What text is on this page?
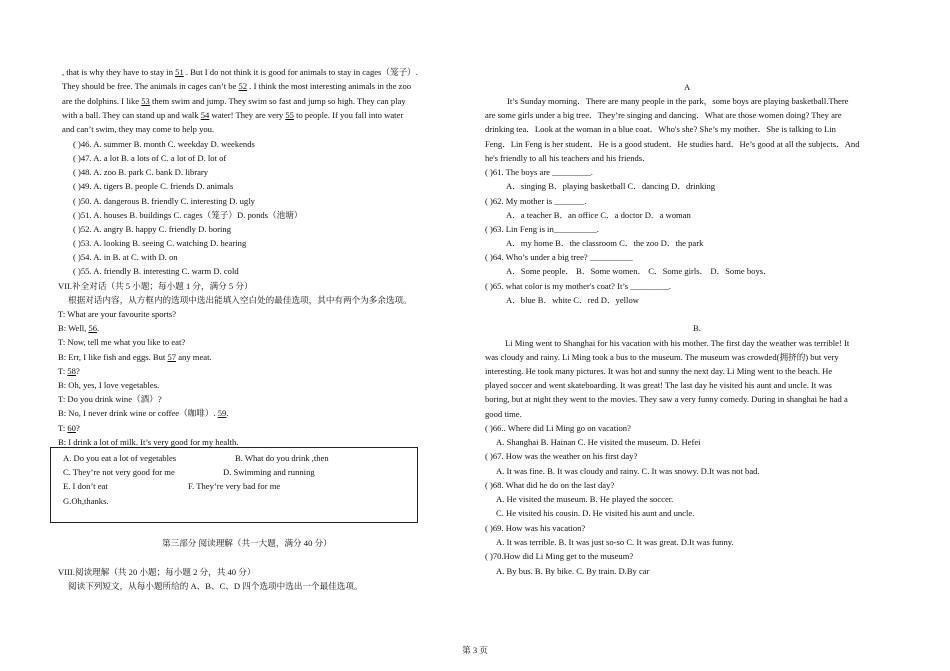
, that is why they have to stay in 51 . But I do not think it is good for animals to stay in cages（笼子）.
They should be free. The animals in cages can’t be 52 . I think the most interesting animals in the zoo
are the dolphins. I like 53 them swim and jump. They swim so fast and jump so high. They can play
with a ball. They can stand up and walk 54 water! They are very 55 to people. If you fall into water
and can’t swim, they may come to help you.
( )46. A. summer B. month C. weekday D. weekends
( )47. A. a lot B. a lots of C. a lot of D. lot of
( )48. A. zoo B. park C. bank D. library
( )49. A. tigers B. people C. friends D. animals
( )50. A. dangerous B. friendly C. interesting D. ugly
( )51. A. houses B. buildings C. cages（笼子）D. ponds（池塘）
( )52. A. angry B. happy C. friendly D. boring
( )53. A. looking B. seeing C. watching D. hearing
( )54. A. in B. at C. with D. on
( )55. A. friendly B. interesting C. warm D. cold
VII.补全对话（共 5 小题；每小题 1 分，满分 5 分）
根据对话内容，从方框内的选项中选出能填入空白处的最佳选项，其中有两个为多余选项。
T: What are your favourite sports?
B: Well, 56.
T: Now, tell me what you like to eat?
B: Err, I like fish and eggs. But 57 any meat.
T: 58?
B: Oh, yes, I love vegetables.
T: Do you drink wine（酒）?
B: No, I never drink wine or coffee（咖啡）. 59.
T: 60?
B: I drink a lot of milk. It’s very good for my health.
A. Do you eat a lot of vegetables	B. What do you drink ,then
C. They’re not very good for me	D. Swimming and running
E. I don’t eat	F. They’re very bad for me
G.Oh,thanks.
第三部分 阅读理解（共一大题，满分 40 分）
VIII.阅读理解（共 20 小题；每小题 2 分，共 40 分）
阅读下列短文，从每小题所给的 A、B、C、D 四个选项中选出一个最佳选项。
A
It’s Sunday morning．There are many people in the park，some boys are playing basketball.There
are some girls under a big tree．They’re singing and dancing．What are those women doing? They are
drinking tea．Look at the woman in a blue coat．Who's she? She’s my mother．She is talking to Lin
Feng．Lin Feng is her student．He is a good student．He studies hard．He’s good at all the subjects．And
he's friendly to all his teachers and his friends．
( )61. The boys are _________.
A．singing B．playing basketball C．dancing D．drinking
( )62. My mother is _______.
A．a teacher B．an office C．a doctor D．a woman
( )63. Lin Feng is in__________.
A．my home B．the classroom C．the zoo D．the park
( )64. Who’s under a big tree? __________
A．Some people． B．Some women． C．Some girls． D．Some boys．
( )65. what color is my mother's coat? It’s _________.
A．blue B．white C．red D．yellow
B.
Li Ming went to Shanghai for his vacation with his mother. The first day the weather was terrible! It
was cloudy and rainy. Li Ming took a bus to the museum. The museum was crowded(拥挤的) but very
interesting. He took many pictures. It was hot and sunny the next day. Li Ming went to the beach. He
played soccer and went skateboarding. It was great! The last day he visited his aunt and uncle. It was
boring, but at night they went to the movies. They saw a very funny comedy. During in shanghai he had a
good time.
( )66.. Where did Li Ming go on vacation?
A. Shanghai B. Hainan C. He visited the museum. D. Hefei
( )67. How was the weather on his first day?
A. It was fine. B. It was cloudy and rainy. C. It was snowy. D.It was not bad.
( )68. What did he do on the last day?
A. He visited the museum. B. He played the soccer.
C. He visited his cousin. D. He visited his aunt and uncle.
( )69. How was his vacation?
A. It was terrible. B. It was just so-so C. It was great. D.It was funny.
( )70.How did Li Ming get to the museum?
A. By bus. B. By bike. C. By train. D.By car
第 3 页
